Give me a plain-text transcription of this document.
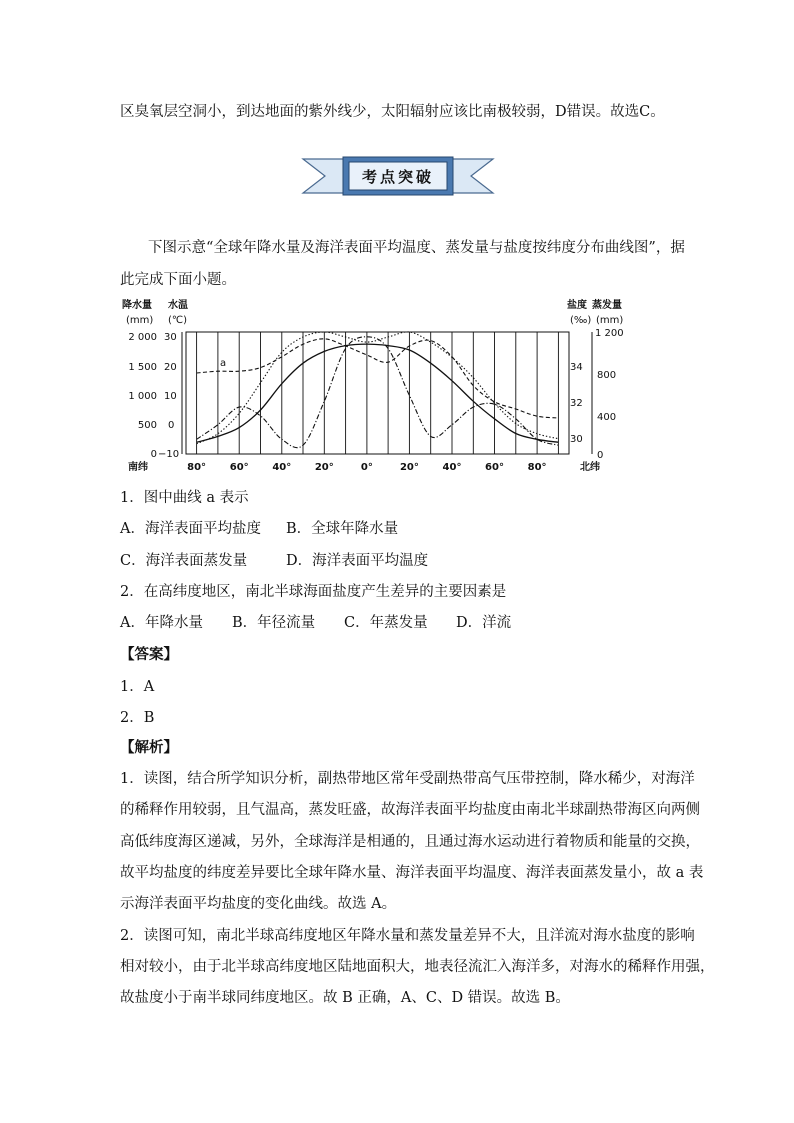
区臭氧层空洞小，到达地面的紫外线少，太阳辐射应该比南极较弱，D错误。故选C。
考点突破
下图示意“全球年降水量及海洋表面平均温度、蒸发量与盐度按纬度分布曲线图”，据
此完成下面小题。
降水量 水温
(mm) (℃)
盐度 蒸发量
(‰) (mm)
2 000
1 500
1 000
500
0
30
20
10
0
−10
34
32
30
1 200
800
400
0
南纬	80° 60° 40° 20°	0°	20° 40° 60° 80°	北纬
a
1．图中曲线 a 表示
A．海洋表面平均盐度 B．全球年降水量
C．海洋表面蒸发量	D．海洋表面平均温度
2．在高纬度地区，南北半球海面盐度产生差异的主要因素是
A．年降水量 B．年径流量 C．年蒸发量 D．洋流
【答案】
1．A
2．B
【解析】
1．读图，结合所学知识分析，副热带地区常年受副热带高气压带控制，降水稀少，对海洋
的稀释作用较弱，且气温高，蒸发旺盛，故海洋表面平均盐度由南北半球副热带海区向两侧
高低纬度海区递减，另外，全球海洋是相通的，且通过海水运动进行着物质和能量的交换，
故平均盐度的纬度差异要比全球年降水量、海洋表面平均温度、海洋表面蒸发量小，故 a 表
示海洋表面平均盐度的变化曲线。故选 A。
2．读图可知，南北半球高纬度地区年降水量和蒸发量差异不大，且洋流对海水盐度的影响
相对较小，由于北半球高纬度地区陆地面积大，地表径流汇入海洋多，对海水的稀释作用强，
故盐度小于南半球同纬度地区。故 B 正确，A、C、D 错误。故选 B。
